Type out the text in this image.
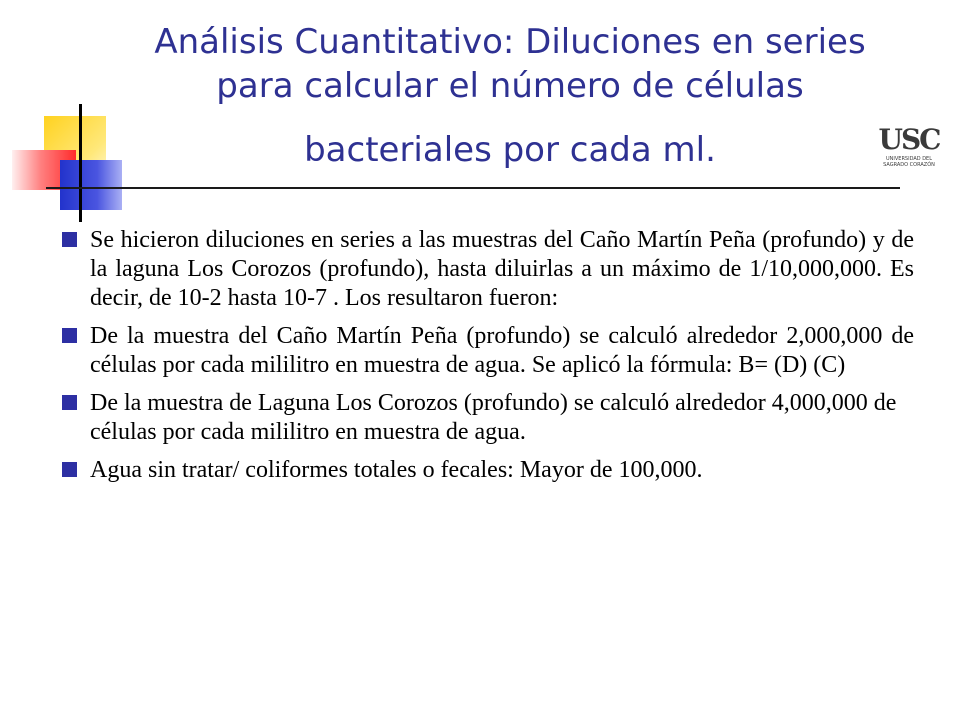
Análisis Cuantitativo: Diluciones en series
para calcular el número de células
bacteriales por cada ml.	USC
UNIVERSIDAD DEL
SAGRADO CORAZÓN
Se hicieron diluciones en series a las muestras del Caño Martín Peña (profundo) y de la laguna Los Corozos (profundo), hasta diluirlas a un máximo de 1/10,000,000. Es decir, de 10-2 hasta 10-7 . Los resultaron fueron:
De la muestra del Caño Martín Peña (profundo) se calculó alrededor 2,000,000 de células por cada mililitro en muestra de agua. Se aplicó la fórmula: B= (D) (C)
De la muestra de Laguna Los Corozos (profundo) se calculó alrededor 4,000,000 de células por cada mililitro en muestra de agua.
Agua sin tratar/ coliformes totales o fecales: Mayor de 100,000.
